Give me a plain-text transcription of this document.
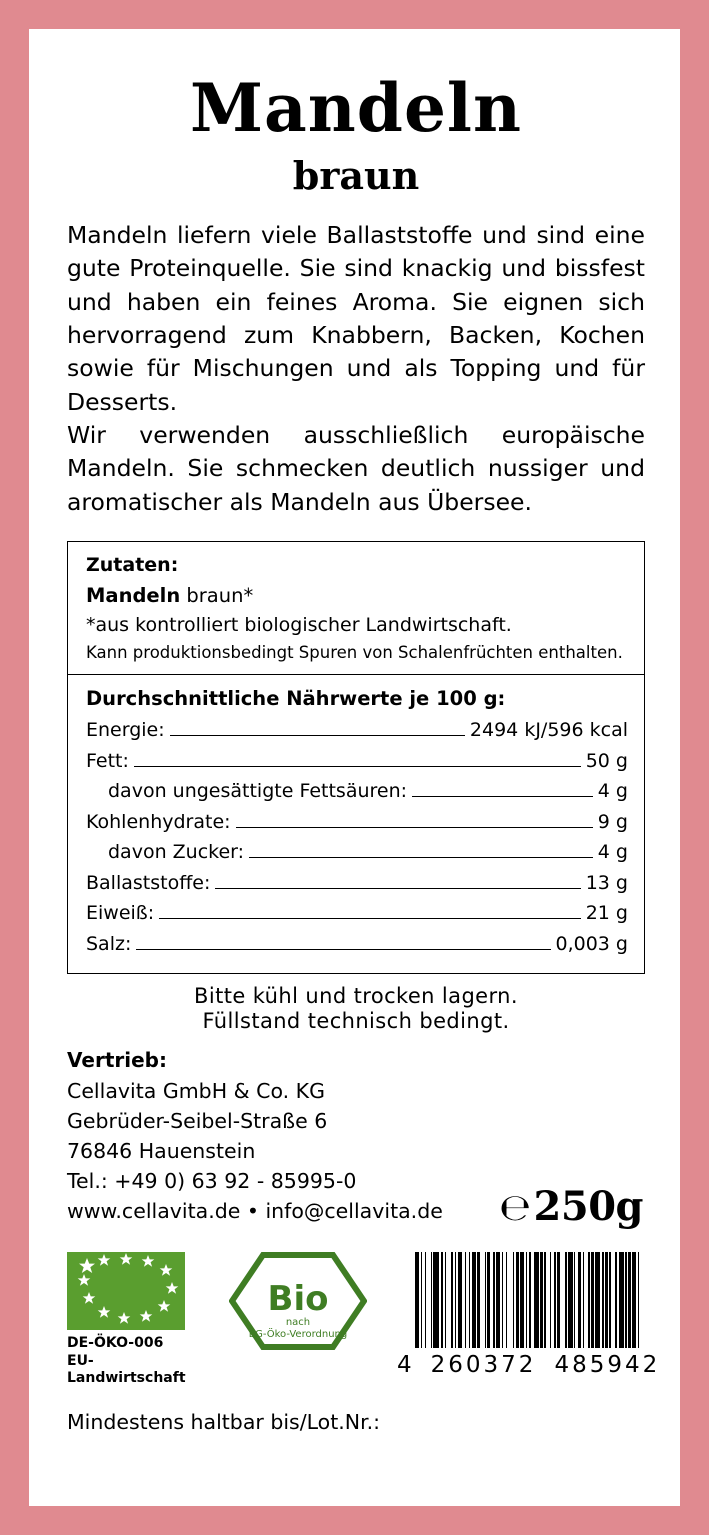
Mandeln
braun

Mandeln liefern viele Ballaststoffe und sind eine gute Proteinquelle. Sie sind knackig und bissfest und haben ein feines Aroma. Sie eignen sich hervorragend zum Knabbern, Backen, Kochen sowie für Mischungen und als Topping und für Desserts.

Wir verwenden ausschließlich europäische Mandeln. Sie schmecken deutlich nussiger und aromatischer als Mandeln aus Übersee.

Zutaten:
Mandeln braun*
*aus kontrolliert biologischer Landwirtschaft.
Kann produktionsbedingt Spuren von Schalenfrüchten enthalten.
Durchschnittliche Nährwerte je 100 g:
Energie:	2494 kJ/596 kcal
Fett:	50 g
davon ungesättigte Fettsäuren:	4 g
Kohlenhydrate:	9 g
davon Zucker:	4 g
Ballaststoffe:	13 g
Eiweiß:	21 g
Salz:	0,003 g
Bitte kühl und trocken lagern.
Füllstand technisch bedingt.
Vertrieb:
Cellavita GmbH & Co. KG
Gebrüder-Seibel-Straße 6
76846 Hauenstein
Tel.: +49 0) 63 92 - 85995-0
www.cellavita.de • info@cellavita.de	℮250g
DE-ÖKO-006
EU-Landwirtschaft
Bio
nach
EG-Öko-Verordnung
4 260372 485942
Mindestens haltbar bis/Lot.Nr.:
